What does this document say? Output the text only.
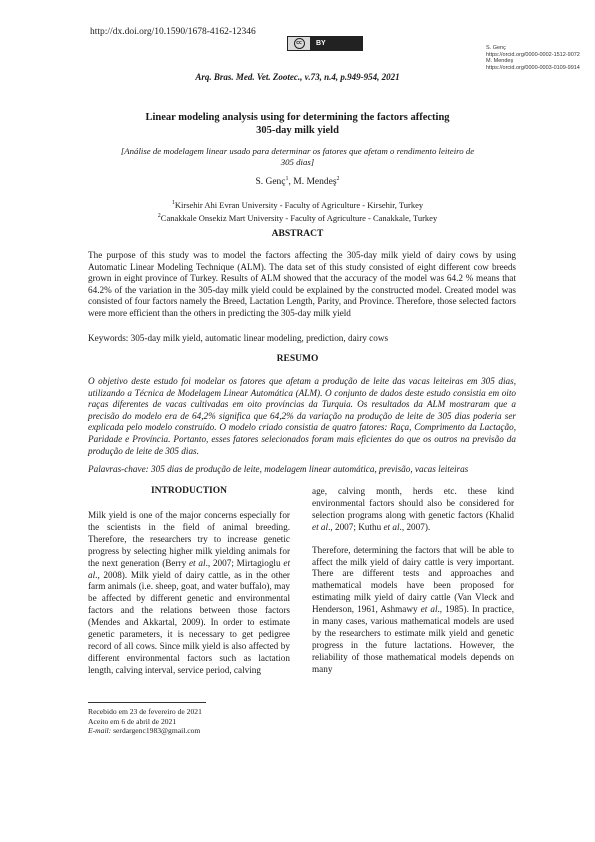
http://dx.doi.org/10.1590/1678-4162-12346
cc	BY
S. Genç
https://orcid.org/0000-0002-1512-9072
M. Mendeş
https://orcid.org/0000-0003-0109-9914
Arq. Bras. Med. Vet. Zootec., v.73, n.4, p.949-954, 2021
Linear modeling analysis using for determining the factors affecting
305-day milk yield
[Análise de modelagem linear usado para determinar os fatores que afetam o rendimento leiteiro de 305 dias]
S. Genç$^1$, M. Mendeş$^2$
$^1$Kirsehir Ahi Evran University - Faculty of Agriculture - Kirsehir, Turkey
$^2$Canakkale Onsekiz Mart University - Faculty of Agriculture - Canakkale, Turkey
ABSTRACT
The purpose of this study was to model the factors affecting the 305-day milk yield of dairy cows by using Automatic Linear Modeling Technique (ALM). The data set of this study consisted of eight different cow breeds grown in eight province of Turkey. Results of ALM showed that the accuracy of the model was 64.2 % means that 64.2% of the variation in the 305-day milk yield could be explained by the constructed model. Created model was consisted of four factors namely the Breed, Lactation Length, Parity, and Province. Therefore, those selected factors were more efficient than the others in predicting the 305-day milk yield
Keywords: 305-day milk yield, automatic linear modeling, prediction, dairy cows
RESUMO
O objetivo deste estudo foi modelar os fatores que afetam a produção de leite das vacas leiteiras em 305 dias, utilizando a Técnica de Modelagem Linear Automática (ALM). O conjunto de dados deste estudo consistia em oito raças diferentes de vacas cultivadas em oito províncias da Turquia. Os resultados da ALM mostraram que a precisão do modelo era de 64,2% significa que 64,2% da variação na produção de leite de 305 dias poderia ser explicada pelo modelo construído. O modelo criado consistia de quatro fatores: Raça, Comprimento da Lactação, Paridade e Província. Portanto, esses fatores selecionados foram mais eficientes do que os outros na previsão da produção de leite de 305 dias.
Palavras-chave: 305 dias de produção de leite, modelagem linear automática, previsão, vacas leiteiras
INTRODUCTION

Milk yield is one of the major concerns especially for the scientists in the field of animal breeding. Therefore, the researchers try to increase genetic progress by selecting higher milk yielding animals for the next generation (Berry et al., 2007; Mirtagioglu et al., 2008). Milk yield of dairy cattle, as in the other farm animals (i.e. sheep, goat, and water buffalo), may be affected by different genetic and environmental factors and the relations between those factors (Mendes and Akkartal, 2009). In order to estimate genetic parameters, it is necessary to get pedigree record of all cows. Since milk yield is also affected by different environmental factors such as lactation length, calving interval, service period, calving

age, calving month, herds etc. these kind environmental factors should also be considered for selection programs along with genetic factors (Khalid et al., 2007; Kuthu et al., 2007).

Therefore, determining the factors that will be able to affect the milk yield of dairy cattle is very important. There are different tests and approaches and mathematical models have been proposed for estimating milk yield of dairy cattle (Van Vleck and Henderson, 1961, Ashmawy et al., 1985). In practice, in many cases, various mathematical models are used by the researchers to estimate milk yield and genetic progress in the future lactations. However, the reliability of those mathematical models depends on many

Recebido em 23 de fevereiro de 2021
Aceito em 6 de abril de 2021
E-mail: serdargenc1983@gmail.com
